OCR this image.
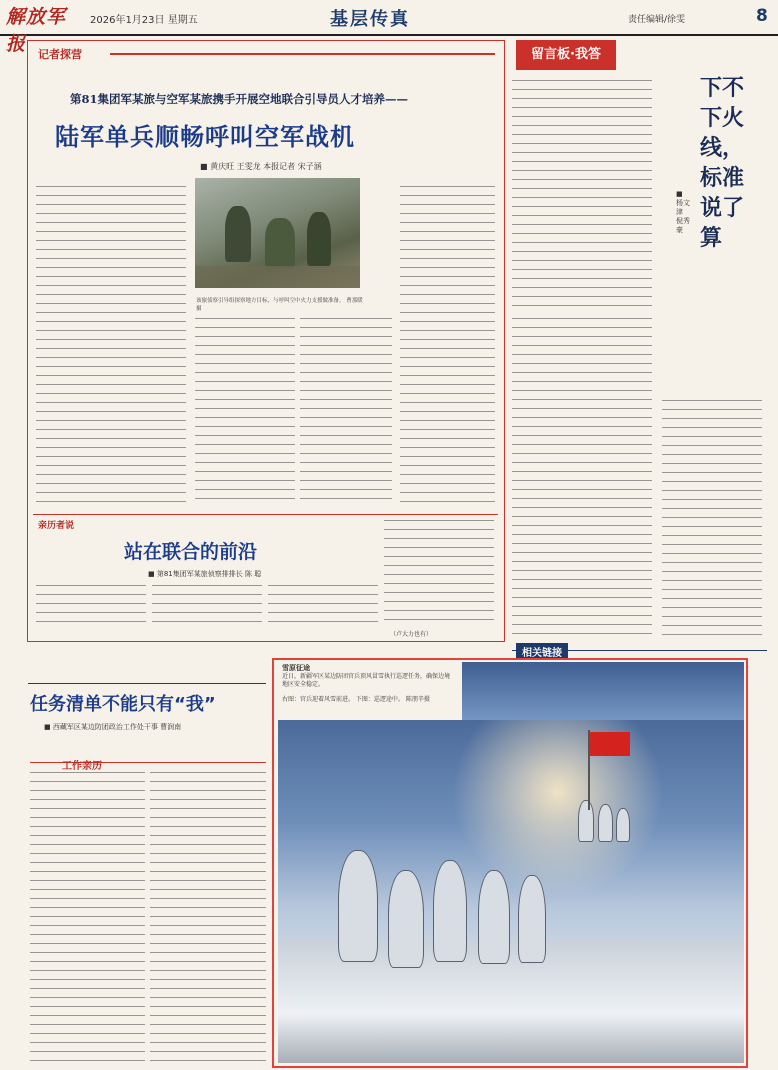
解放军报
2026年1月23日 星期五	基层传真	责任编辑/徐雯	8
记者探营
第81集团军某旅与空军某旅携手开展空地联合引导员人才培养——
陆军单兵顺畅呼叫空军战机
■ 黄庆旺 王雯龙 本报记者 宋子涵
该旅侦察引导组探察地方目标，与呼叫空中火力支援做准备。 曹那暖摄
亲历者说
站在联合的前沿
■ 第81集团军某旅侦察排排长 陈 聪
（卢大力也有）
留言板·我答
下不下火线，标准说了算
■ 杨文津 倪秀豪
相关链接
任务清单不能只有“我”
■ 西藏军区某边防团政治工作处干事 曹润南
工作亲历
雪原征途
近日，新疆军区某边防团官兵顶风冒雪执行巡逻任务，确保边境地区安全稳定。
右图：官兵迎着风雪前进。 下图：巡逻途中。 陈朋辛摄
